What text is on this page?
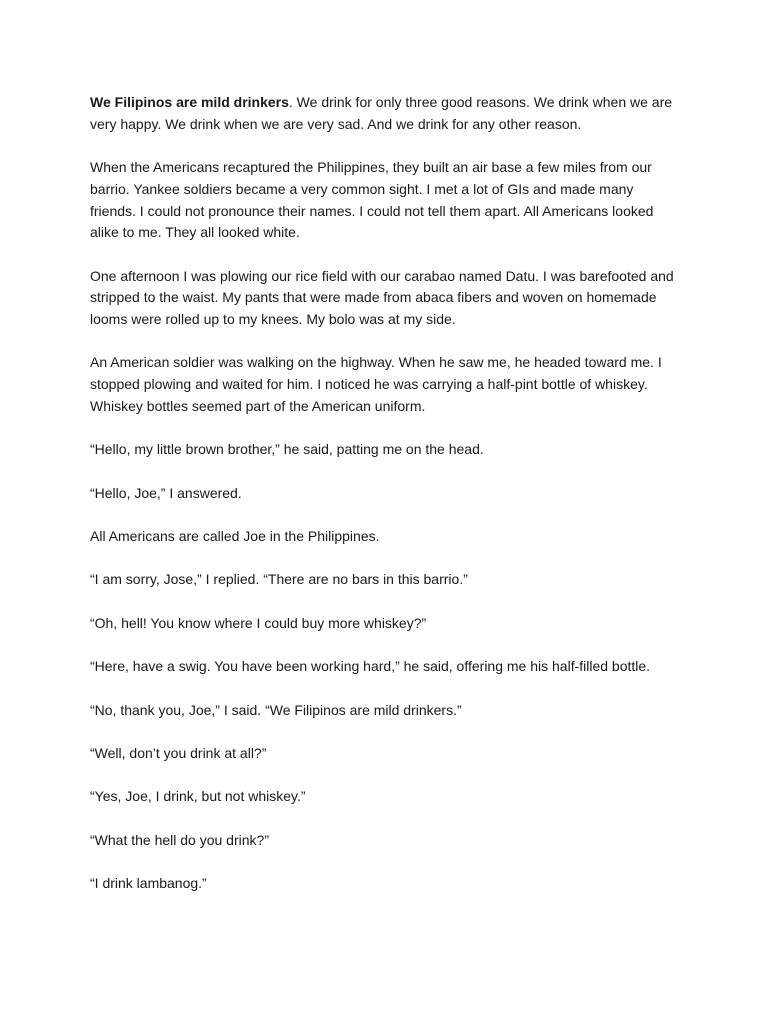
We Filipinos are mild drinkers. We drink for only three good reasons. We drink when we are very happy. We drink when we are very sad. And we drink for any other reason.

When the Americans recaptured the Philippines, they built an air base a few miles from our barrio. Yankee soldiers became a very common sight. I met a lot of GIs and made many friends. I could not pronounce their names. I could not tell them apart. All Americans looked alike to me. They all looked white.

One afternoon I was plowing our rice field with our carabao named Datu. I was barefooted and stripped to the waist. My pants that were made from abaca fibers and woven on homemade looms were rolled up to my knees. My bolo was at my side.

An American soldier was walking on the highway. When he saw me, he headed toward me. I stopped plowing and waited for him. I noticed he was carrying a half-pint bottle of whiskey. Whiskey bottles seemed part of the American uniform.

“Hello, my little brown brother,” he said, patting me on the head.

“Hello, Joe,” I answered.

All Americans are called Joe in the Philippines.

“I am sorry, Jose,” I replied. “There are no bars in this barrio.”

“Oh, hell! You know where I could buy more whiskey?”

“Here, have a swig. You have been working hard,” he said, offering me his half-filled bottle.

“No, thank you, Joe,” I said. “We Filipinos are mild drinkers.”

“Well, don’t you drink at all?”

“Yes, Joe, I drink, but not whiskey.”

“What the hell do you drink?”

“I drink lambanog.”
